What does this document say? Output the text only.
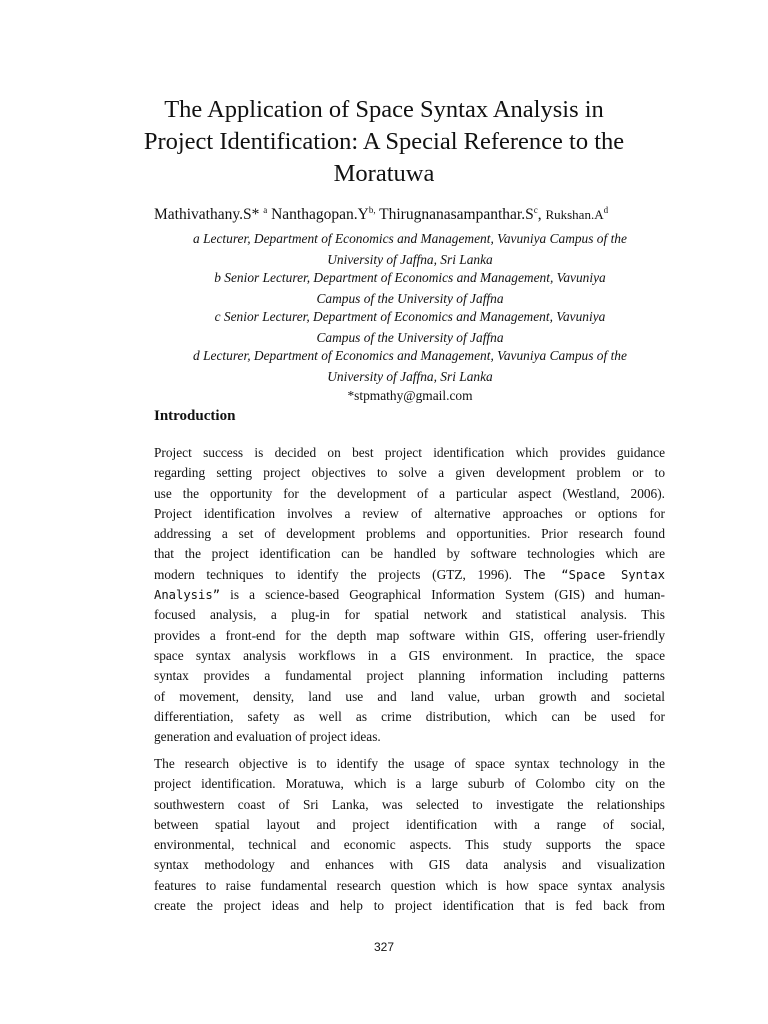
The Application of Space Syntax Analysis in
Project Identification: A Special Reference to the
Moratuwa
Mathivathany.S* $^a$ $Nanthagopan.Y^{b,}$ $Thirugnanasampanthar.S^c$, $Rukshan.A^d$
a Lecturer, Department of Economics and Management, Vavuniya Campus of the
University of Jaffna, Sri Lanka
b Senior Lecturer, Department of Economics and Management, Vavuniya
Campus of the University of Jaffna
c Senior Lecturer, Department of Economics and Management, Vavuniya
Campus of the University of Jaffna
d Lecturer, Department of Economics and Management, Vavuniya Campus of the
University of Jaffna, Sri Lanka
*stpmathy@gmail.com
Introduction
Project success is decided on best project identification which provides guidance
regarding setting project objectives to solve a given development problem or to
use the opportunity for the development of a particular aspect (Westland, 2006).
Project identification involves a review of alternative approaches or options for
addressing a set of development problems and opportunities. Prior research found
that the project identification can be handled by software technologies which are
modern techniques to identify the projects (GTZ, 1996). The “Space Syntax
Analysis” is a science-based Geographical Information System (GIS) and human-
focused analysis, a plug-in for spatial network and statistical analysis. This
provides a front-end for the depth map software within GIS, offering user-friendly
space syntax analysis workflows in a GIS environment. In practice, the space
syntax provides a fundamental project planning information including patterns
of movement, density, land use and land value, urban growth and societal
differentiation, safety as well as crime distribution, which can be used for
generation and evaluation of project ideas.
The research objective is to identify the usage of space syntax technology in the
project identification. Moratuwa, which is a large suburb of Colombo city on the
southwestern coast of Sri Lanka, was selected to investigate the relationships
between spatial layout and project identification with a range of social,
environmental, technical and economic aspects. This study supports the space
syntax methodology and enhances with GIS data analysis and visualization
features to raise fundamental research question which is how space syntax analysis
create the project ideas and help to project identification that is fed back from
327
